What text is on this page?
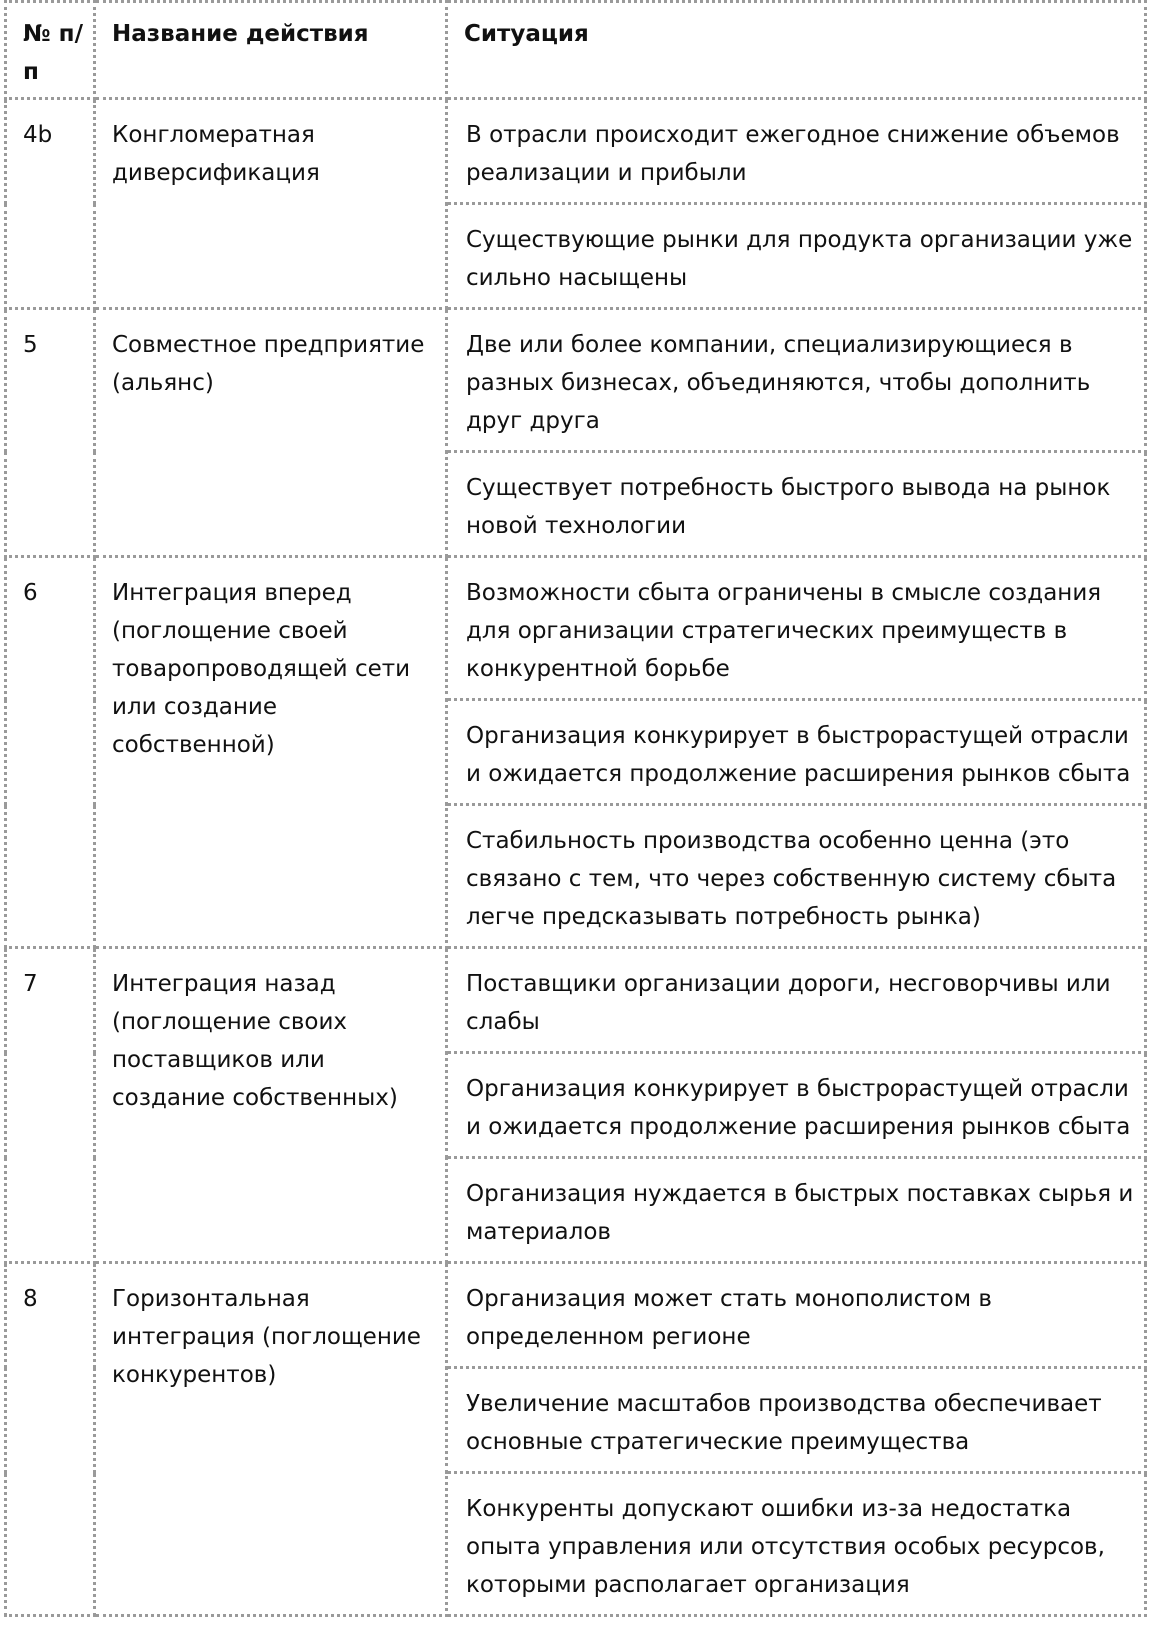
№ п/п	Название действия	Ситуация
4b	Конгломератная диверсификация	В отрасли происходит ежегодное снижение объемов реализации и прибыли
		Существующие рынки для продукта организации уже сильно насыщены
5	Совместное предприятие (альянс)	Две или более компании, специализирующиеся в разных бизнесах, объединяются, чтобы дополнить друг друга
		Существует потребность быстрого вывода на рынок новой технологии
6	Интеграция вперед (поглощение своей товаропроводящей сети или создание собственной)	Возможности сбыта ограничены в смысле создания для организации стратегических преимуществ в конкурентной борьбе
		Организация конкурирует в быстрорастущей отрасли и ожидается продолжение расширения рынков сбыта
		Стабильность производства особенно ценна (это связано с тем, что через собственную систему сбыта легче предсказывать потребность рынка)
7	Интеграция назад (поглощение своих поставщиков или создание собственных)	Поставщики организации дороги, несговорчивы или слабы
		Организация конкурирует в быстрорастущей отрасли и ожидается продолжение расширения рынков сбыта
		Организация нуждается в быстрых поставках сырья и материалов
8	Горизонтальная интеграция (поглощение конкурентов)	Организация может стать монополистом в определенном регионе
		Увеличение масштабов производства обеспечивает основные стратегические преимущества
		Конкуренты допускают ошибки из-за недостатка опыта управления или отсутствия особых ресурсов, которыми располагает организация
